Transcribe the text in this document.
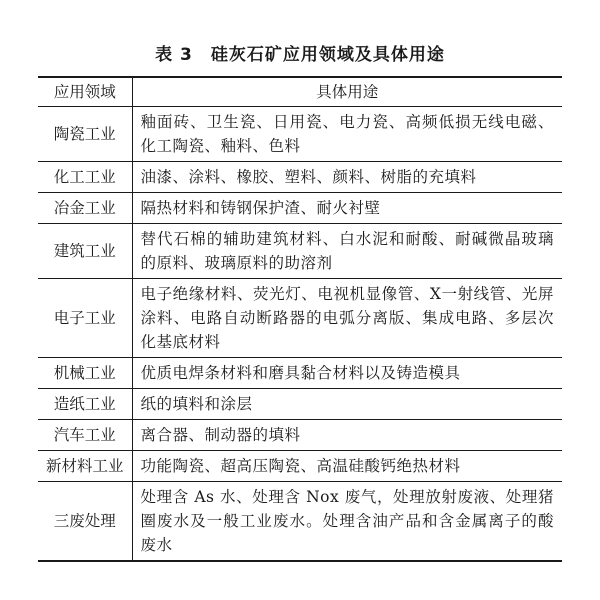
表 3 硅灰石矿应用领域及具体用途
应用领域	具体用途
陶瓷工业	釉面砖、卫生瓷、日用瓷、电力瓷、高频低损无线电磁、化工陶瓷、釉料、色料
化工工业	油漆、涂料、橡胶、塑料、颜料、树脂的充填料
冶金工业	隔热材料和铸钢保护渣、耐火衬壁
建筑工业	替代石棉的辅助建筑材料、白水泥和耐酸、耐碱微晶玻璃的原料、玻璃原料的助溶剂
电子工业	电子绝缘材料、荧光灯、电视机显像管、X一射线管、光屏涂料、电路自动断路器的电弧分离版、集成电路、多层次化基底材料
机械工业	优质电焊条材料和磨具黏合材料以及铸造模具
造纸工业	纸的填料和涂层
汽车工业	离合器、制动器的填料
新材料工业	功能陶瓷、超高压陶瓷、高温硅酸钙绝热材料
三废处理	处理含 As 水、处理含 Nox 废气，处理放射废液、处理猪圈废水及一般工业废水。处理含油产品和含金属离子的酸废水
